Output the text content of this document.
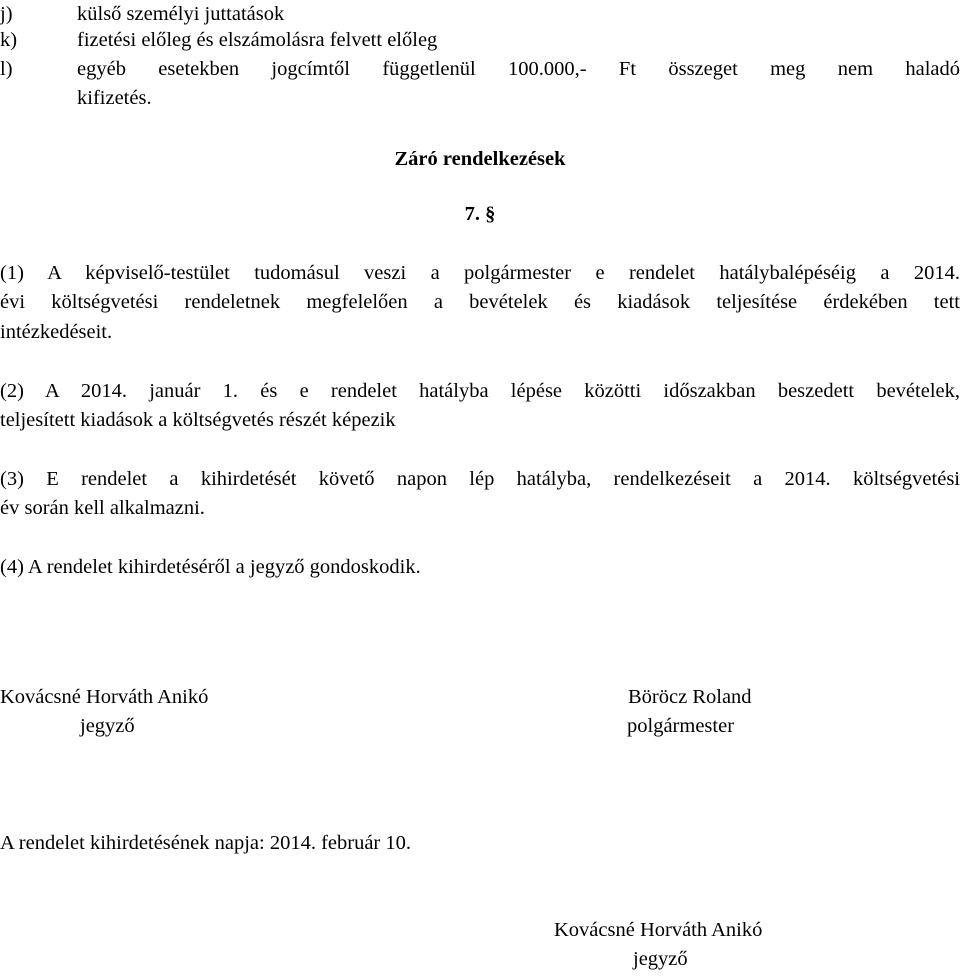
j)	külső személyi juttatások
k)	fizetési előleg és elszámolásra felvett előleg
l)	egyéb esetekben jogcímtől függetlenül 100.000,- Ft összeget meg nem haladó
kifizetés.
Záró rendelkezések
7. §
(1) A képviselő-testület tudomásul veszi a polgármester e rendelet hatálybalépéséig a 2014.
évi költségvetési rendeletnek megfelelően a bevételek és kiadások teljesítése érdekében tett
intézkedéseit.
(2) A 2014. január 1. és e rendelet hatályba lépése közötti időszakban beszedett bevételek,
teljesített kiadások a költségvetés részét képezik
(3) E rendelet a kihirdetését követő napon lép hatályba, rendelkezéseit a 2014. költségvetési
év során kell alkalmazni.
(4) A rendelet kihirdetéséről a jegyző gondoskodik.
Kovácsné Horváth Anikó
jegyző
Böröcz Roland
polgármester
A rendelet kihirdetésének napja: 2014. február 10.
Kovácsné Horváth Anikó
jegyző
